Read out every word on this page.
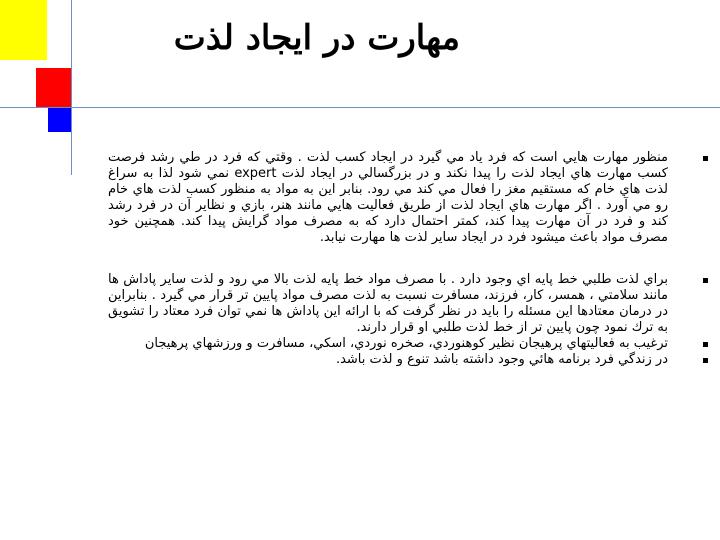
مهارت در ایجاد لذت
منظور مهارت هايي است كه فرد ياد مي گيرد در ايجاد كسب لذت . وقتي كه فرد در طي رشد فرصت كسب مهارت هاي ايجاد لذت را پيدا نكند و در بزرگسالي در ايجاد لذت expert نمي شود لذا به سراغ لذت هاي خام كه مستقيم مغز را فعال مي كند مي رود. بنابر اين به مواد به منظور كسب لذت هاي خام رو مي آورد . اگر مهارت هاي ايجاد لذت از طريق فعاليت هايي مانند هنر، بازي و نظاير آن در فرد رشد كند و فرد در آن مهارت پيدا كند، كمتر احتمال دارد كه به مصرف مواد گرايش پيدا كند. همچنين خود مصرف مواد باعث ميشود فرد در ايجاد ساير لذت ها مهارت نيابد.
براي لذت طلبي خط پايه اي وجود دارد . با مصرف مواد خط پايه لذت بالا مي رود و لذت ساير پاداش ها مانند سلامتي ، همسر، كار، فرزند، مسافرت نسبت به لذت مصرف مواد پايين تر قرار مي گيرد . بنابراين در درمان معتادها اين مسئله را بايد در نظر گرفت كه با ارائه اين پاداش ها نمي توان فرد معتاد را تشويق به ترك نمود چون پايين تر از خط لذت طلبي او قرار دارند.
ترغيب به فعاليتهاي پرهيجان نظير كوهنوردي، صخره نوردي، اسكي، مسافرت و ورزشهاي پرهيجان
در زندگي فرد برنامه هائي وجود داشته باشد تنوع و لذت باشد.
